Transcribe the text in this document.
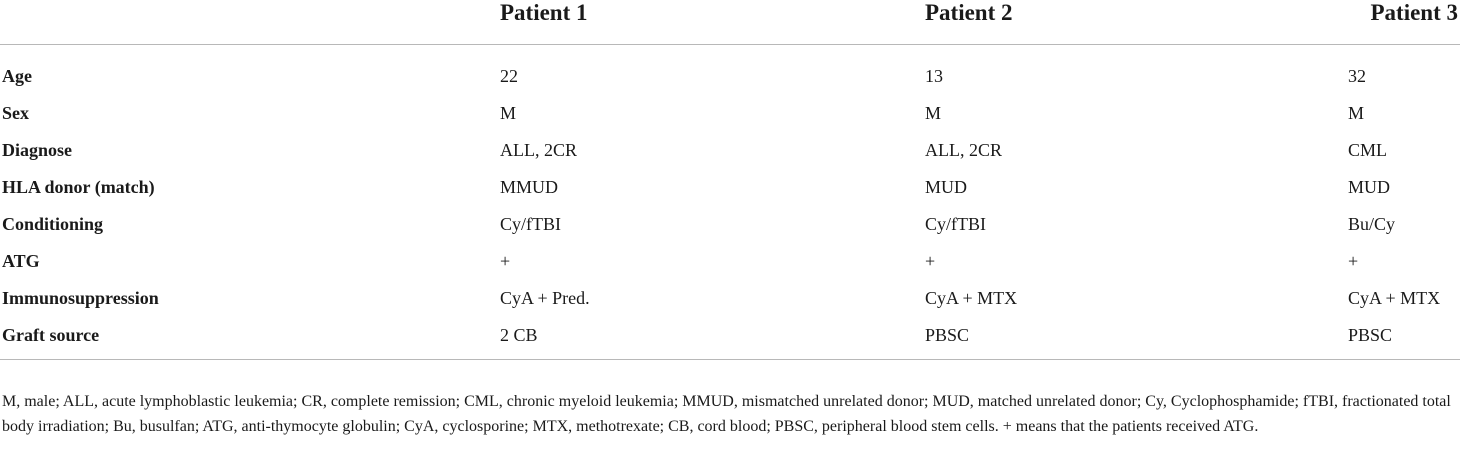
	Patient 1	Patient 2	Patient 3
Age	22	13	32
Sex	M	M	M
Diagnose	ALL, 2CR	ALL, 2CR	CML
HLA donor (match)	MMUD	MUD	MUD
Conditioning	Cy/fTBI	Cy/fTBI	Bu/Cy
ATG	+	+	+
Immunosuppression	CyA + Pred.	CyA + MTX	CyA + MTX
Graft source	2 CB	PBSC	PBSC
M, male; ALL, acute lymphoblastic leukemia; CR, complete remission; CML, chronic myeloid leukemia; MMUD, mismatched unrelated donor; MUD, matched unrelated donor; Cy, Cyclophosphamide; fTBI, fractionated total body irradiation; Bu, busulfan; ATG, anti-thymocyte globulin; CyA, cyclosporine; MTX, methotrexate; CB, cord blood; PBSC, peripheral blood stem cells. + means that the patients received ATG.
